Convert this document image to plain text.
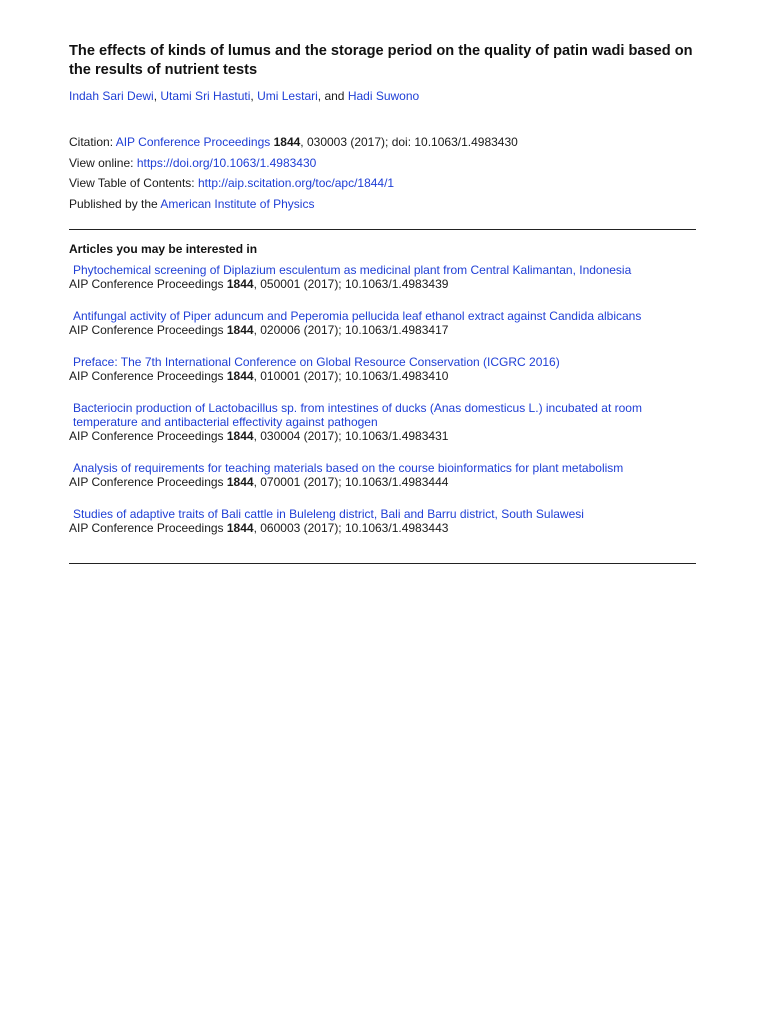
The effects of kinds of lumus and the storage period on the quality of patin wadi based on the results of nutrient tests
Indah Sari Dewi, Utami Sri Hastuti, Umi Lestari, and Hadi Suwono
Citation: AIP Conference Proceedings 1844, 030003 (2017); doi: 10.1063/1.4983430
View online: https://doi.org/10.1063/1.4983430
View Table of Contents: http://aip.scitation.org/toc/apc/1844/1
Published by the American Institute of Physics
Articles you may be interested in
Phytochemical screening of Diplazium esculentum as medicinal plant from Central Kalimantan, Indonesia
AIP Conference Proceedings 1844, 050001 (2017); 10.1063/1.4983439
Antifungal activity of Piper aduncum and Peperomia pellucida leaf ethanol extract against Candida albicans
AIP Conference Proceedings 1844, 020006 (2017); 10.1063/1.4983417
Preface: The 7th International Conference on Global Resource Conservation (ICGRC 2016)
AIP Conference Proceedings 1844, 010001 (2017); 10.1063/1.4983410
Bacteriocin production of Lactobacillus sp. from intestines of ducks (Anas domesticus L.) incubated at room temperature and antibacterial effectivity against pathogen
AIP Conference Proceedings 1844, 030004 (2017); 10.1063/1.4983431
Analysis of requirements for teaching materials based on the course bioinformatics for plant metabolism
AIP Conference Proceedings 1844, 070001 (2017); 10.1063/1.4983444
Studies of adaptive traits of Bali cattle in Buleleng district, Bali and Barru district, South Sulawesi
AIP Conference Proceedings 1844, 060003 (2017); 10.1063/1.4983443
